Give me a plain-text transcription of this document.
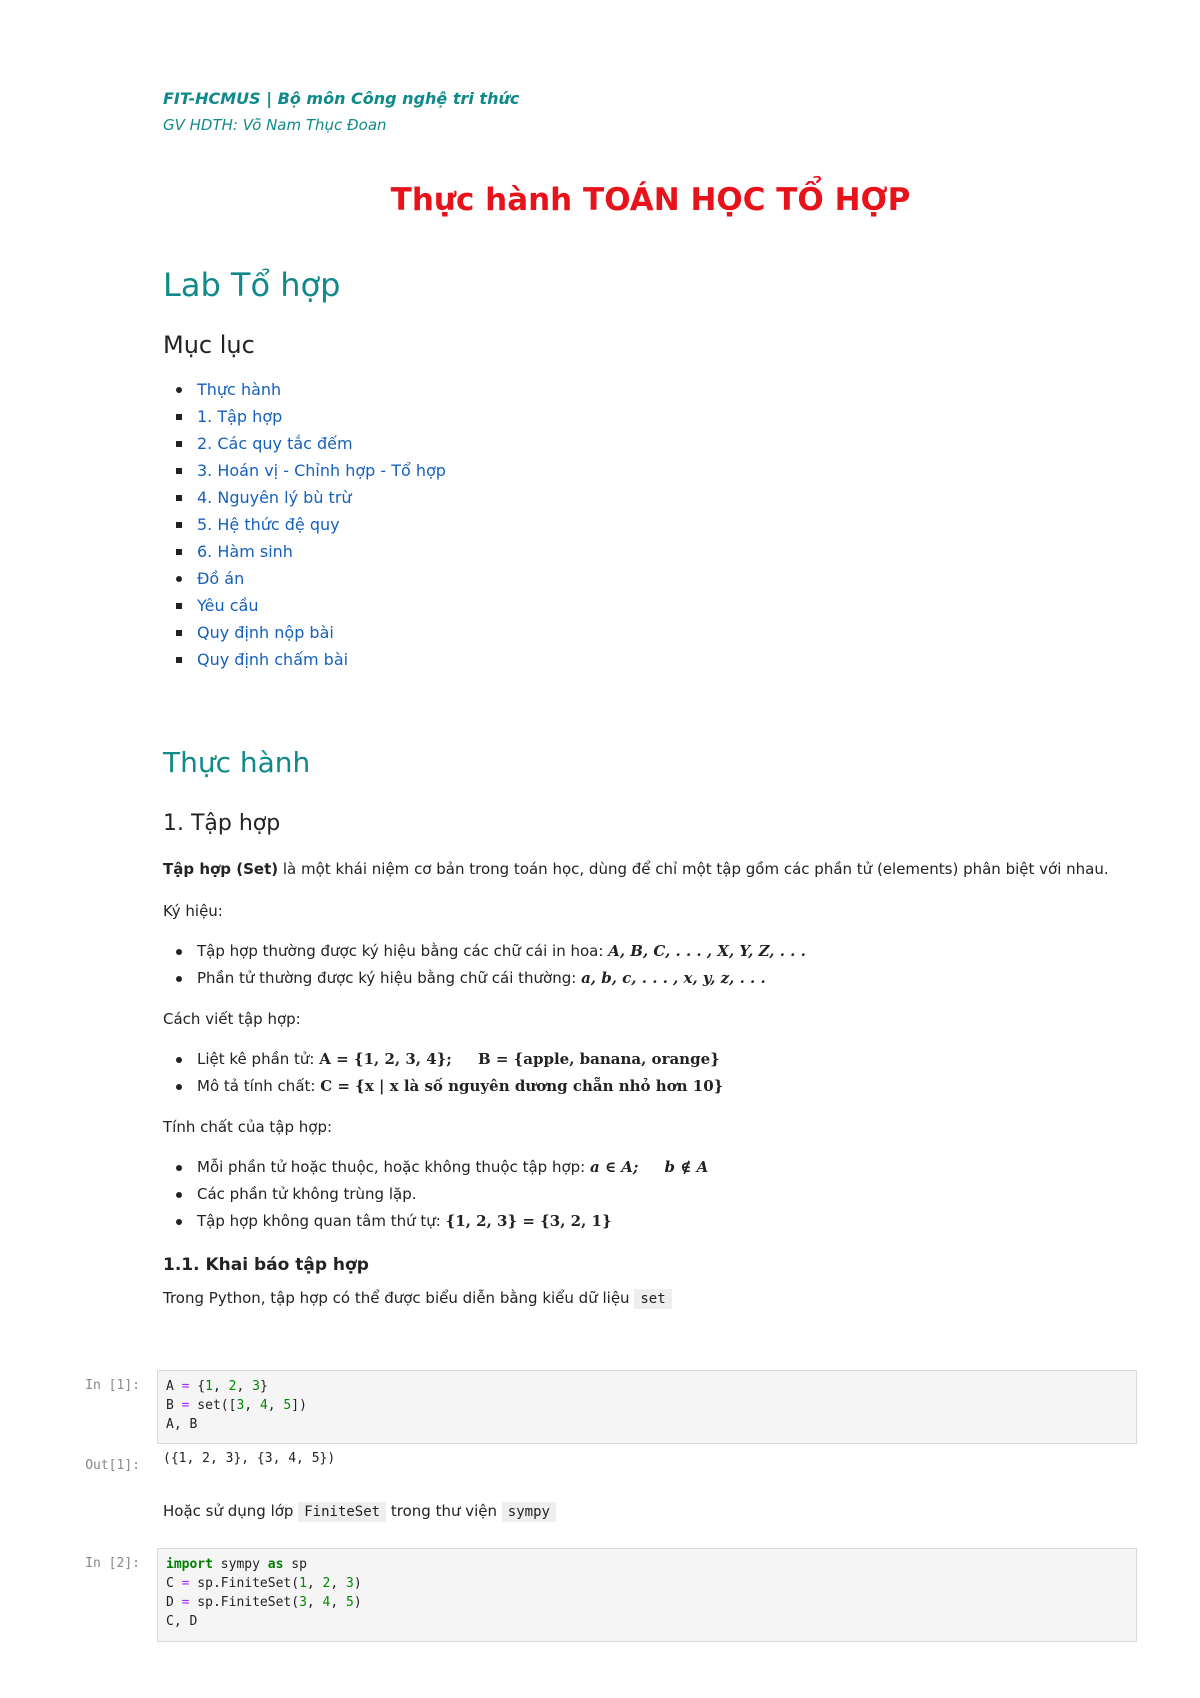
FIT-HCMUS | Bộ môn Công nghệ tri thức

GV HDTH: Võ Nam Thục Đoan

Thực hành TOÁN HỌC TỔ HỢP
Lab Tổ hợp
Mục lục
Thực hành
1. Tập hợp
2. Các quy tắc đếm
3. Hoán vị - Chỉnh hợp - Tổ hợp
4. Nguyên lý bù trừ
5. Hệ thức đệ quy
6. Hàm sinh
Đồ án
Yêu cầu
Quy định nộp bài
Quy định chấm bài
Thực hành
1. Tập hợp

Tập hợp (Set) là một khái niệm cơ bản trong toán học, dùng để chỉ một tập gồm các phần tử (elements) phân biệt với nhau.

Ký hiệu:

Tập hợp thường được ký hiệu bằng các chữ cái in hoa: A, B, C, . . . , X, Y, Z, . . .
Phần tử thường được ký hiệu bằng chữ cái thường: a, b, c, . . . , x, y, z, . . .

Cách viết tập hợp:

Liệt kê phần tử: A = {1, 2, 3, 4};     B = {apple, banana, orange}
Mô tả tính chất: C = {x | x là số nguyên dương chẵn nhỏ hơn 10}

Tính chất của tập hợp:

Mỗi phần tử hoặc thuộc, hoặc không thuộc tập hợp: a ∈ A;     b ∉ A
Các phần tử không trùng lặp.
Tập hợp không quan tâm thứ tự: {1, 2, 3} = {3, 2, 1}

1.1. Khai báo tập hợp

Trong Python, tập hợp có thể được biểu diễn bằng kiểu dữ liệu set

In [1]: A = {1, 2, 3}
B = set([3, 4, 5])
A, B
Out[1]: ({1, 2, 3}, {3, 4, 5})

Hoặc sử dụng lớp FiniteSet trong thư viện sympy

In [2]: import sympy as sp
C = sp.FiniteSet(1, 2, 3)
D = sp.FiniteSet(3, 4, 5)
C, D
